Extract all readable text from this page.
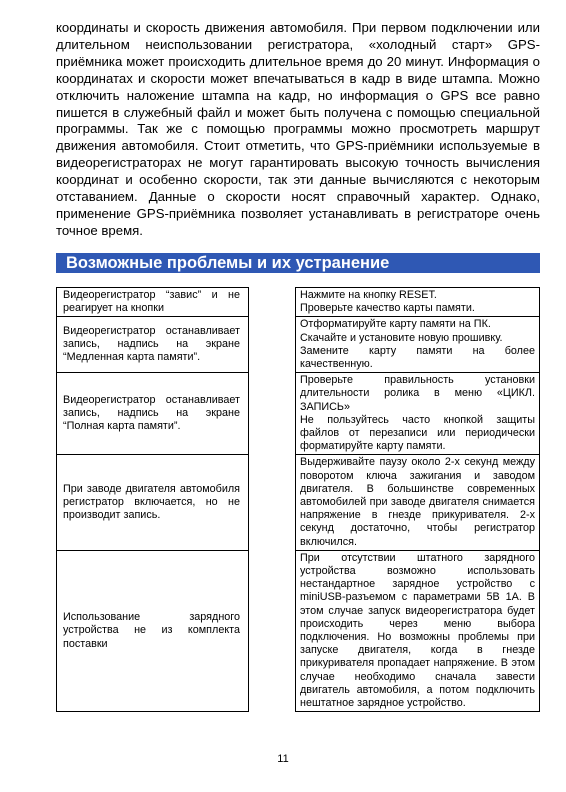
координаты и скорость движения автомобиля. При первом подключении или длительном неиспользовании регистратора, «холодный старт» GPS-приёмника может происходить длительное время до 20 минут. Информация о координатах и скорости может впечатываться в кадр в виде штампа. Можно отключить наложение штампа на кадр, но информация о GPS все равно пишется в служебный файл и может быть получена с помощью специальной программы. Так же с помощью программы можно просмотреть маршрут движения автомобиля. Стоит отметить, что GPS-приёмники используемые в видеорегистраторах не могут гарантировать высокую точность вычисления координат и особенно скорости, так эти данные вычисляются с некоторым отставанием. Данные о скорости носят справочный характер. Однако, применение GPS-приёмника позволяет устанавливать в регистраторе очень точное время.

Возможные проблемы и их устранение
Видеорегистратор “завис” и не реагирует на кнопки		Нажмите на кнопку RESET.

Проверьте качество карты памяти.

Видеорегистратор останавливает запись, надпись на экране “Медленная карта памяти”.		Отформатируйте карту памяти на ПК.

Скачайте и установите новую прошивку.

Замените карту памяти на более качественную.

Видеорегистратор останавливает запись, надпись на экране “Полная карта памяти”.		Проверьте правильность установки длительности ролика в меню «ЦИКЛ. ЗАПИСЬ»

Не пользуйтесь часто кнопкой защиты файлов от перезаписи или периодически форматируйте карту памяти.

При заводе двигателя автомобиля регистратор включается, но не производит запись.		Выдерживайте паузу около 2-х секунд между поворотом ключа зажигания и заводом двигателя. В большинстве современных автомобилей при заводе двигателя снимается напряжение в гнезде прикуривателя. 2-х секунд достаточно, чтобы регистратор включился.

Использование зарядного устройства не из комплекта поставки		При отсутствии штатного зарядного устройства возможно использовать нестандартное зарядное устройство с miniUSB-разъемом с параметрами 5В 1А. В этом случае запуск видеорегистратора будет происходить через меню выбора подключения. Но возможны проблемы при запуске двигателя, когда в гнезде прикуривателя пропадает напряжение. В этом случае необходимо сначала завести двигатель автомобиля, а потом подключить нештатное зарядное устройство.

11
